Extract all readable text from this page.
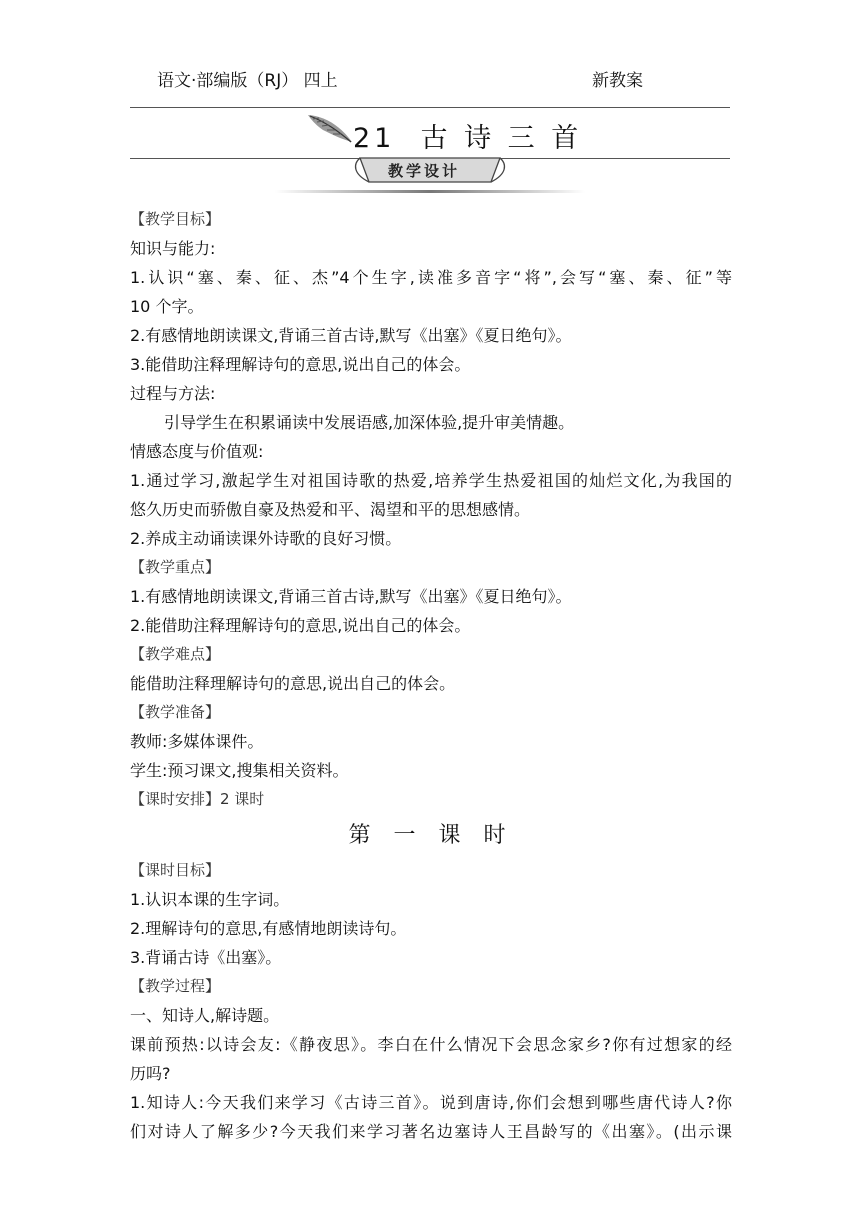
语文·部编版（RJ） 四上	新教案
21  古 诗 三 首
教学设计
【教学目标】
知识与能力:
1.认识“塞、秦、征、杰”4个生字,读准多音字“将”,会写“塞、秦、征”等
10 个字。
2.有感情地朗读课文,背诵三首古诗,默写《出塞》《夏日绝句》。
3.能借助注释理解诗句的意思,说出自己的体会。
过程与方法:
引导学生在积累诵读中发展语感,加深体验,提升审美情趣。
情感态度与价值观:
1.通过学习,激起学生对祖国诗歌的热爱,培养学生热爱祖国的灿烂文化,为我国的
悠久历史而骄傲自豪及热爱和平、渴望和平的思想感情。
2.养成主动诵读课外诗歌的良好习惯。
【教学重点】
1.有感情地朗读课文,背诵三首古诗,默写《出塞》《夏日绝句》。
2.能借助注释理解诗句的意思,说出自己的体会。
【教学难点】
能借助注释理解诗句的意思,说出自己的体会。
【教学准备】
教师:多媒体课件。
学生:预习课文,搜集相关资料。
【课时安排】2 课时
第 一 课 时
【课时目标】
1.认识本课的生字词。
2.理解诗句的意思,有感情地朗读诗句。
3.背诵古诗《出塞》。
【教学过程】
一、知诗人,解诗题。
课前预热:以诗会友:《静夜思》。李白在什么情况下会思念家乡?你有过想家的经
历吗?
1.知诗人:今天我们来学习《古诗三首》。说到唐诗,你们会想到哪些唐代诗人?你
们对诗人了解多少?今天我们来学习著名边塞诗人王昌龄写的《出塞》。(出示课
